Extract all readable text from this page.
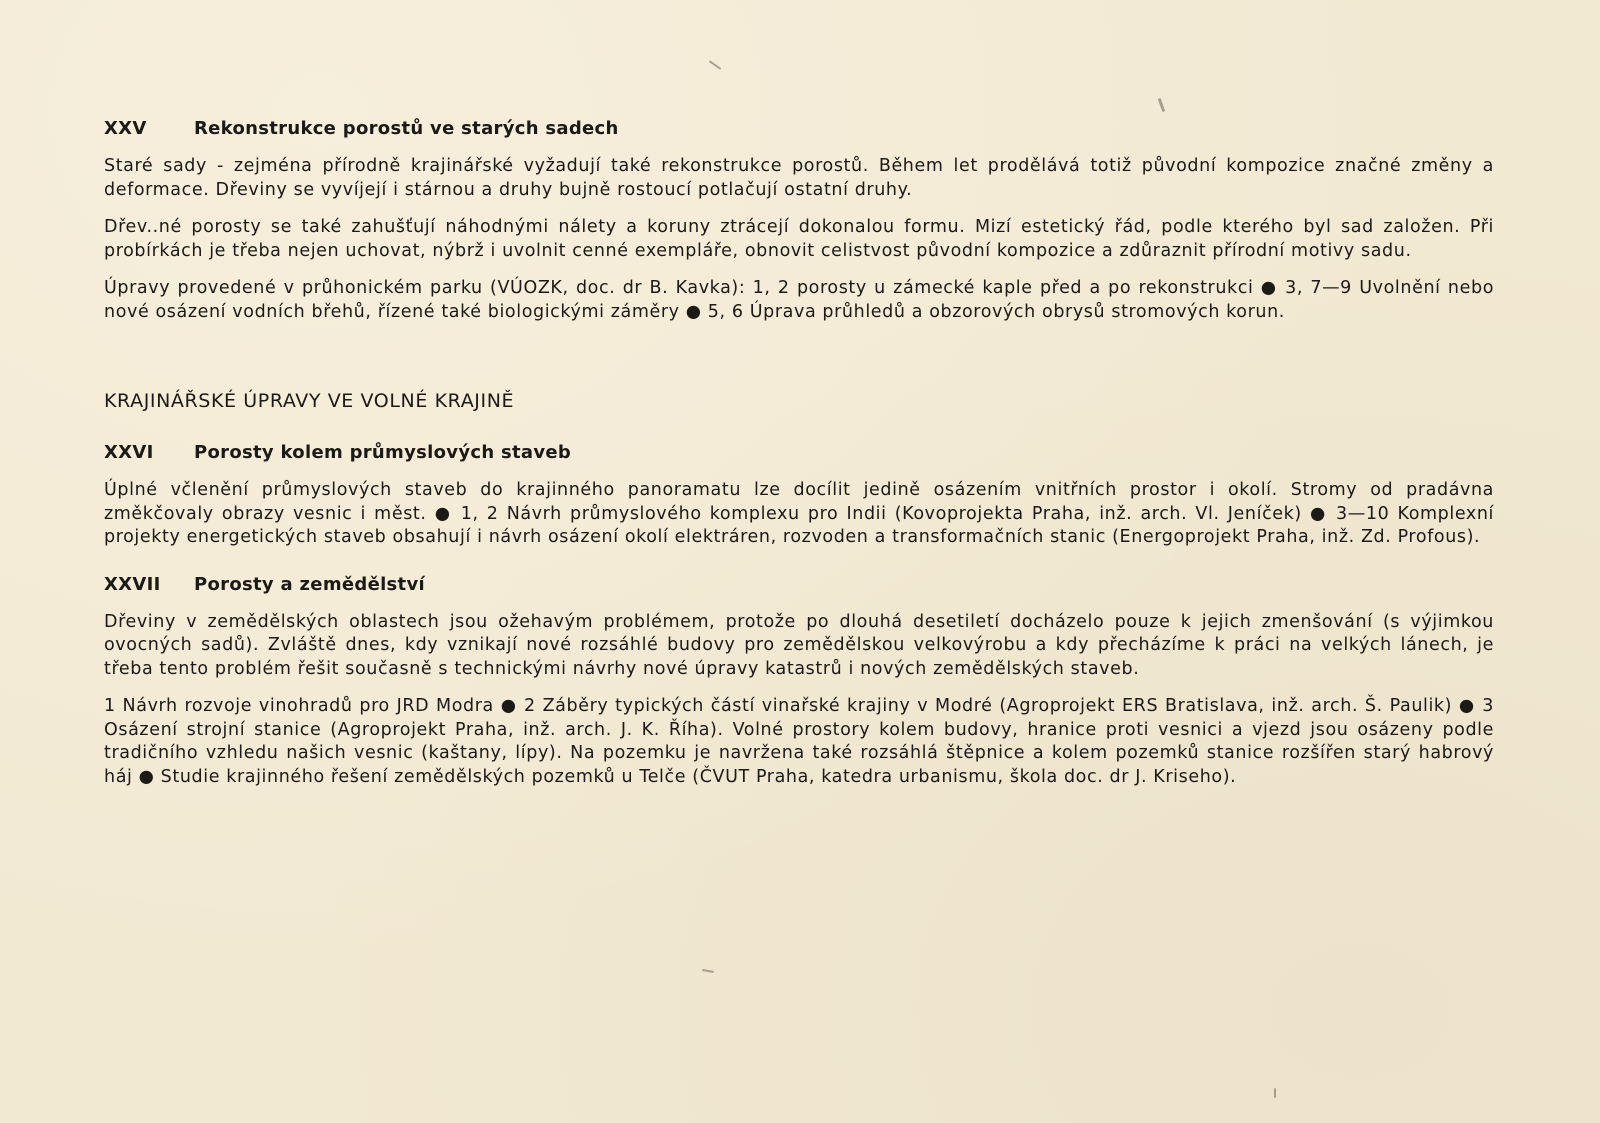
XXV	Rekonstrukce porostů ve starých sadech

Staré sady - zejména přírodně krajinářské vyžadují také rekonstrukce porostů. Během let prodělává totiž původní kompozice značné změny a deformace. Dřeviny se vyvíjejí i stárnou a druhy bujně rostoucí potlačují ostatní druhy.

Dřev..né porosty se také zahušťují náhodnými nálety a koruny ztrácejí dokonalou formu. Mizí estetický řád, podle kterého byl sad založen. Při probírkách je třeba nejen uchovat, nýbrž i uvolnit cenné exempláře, obnovit celistvost původní kompozice a zdůraznit přírodní motivy sadu.

Úpravy provedené v průhonickém parku (VÚOZK, doc. dr B. Kavka): 1, 2 porosty u zámecké kaple před a po rekonstrukci ● 3, 7—9 Uvolnění nebo nové osázení vodních břehů, řízené také biologickými záměry ● 5, 6 Úprava průhledů a obzorových obrysů stromových korun.

KRAJINÁŘSKÉ ÚPRAVY VE VOLNÉ KRAJINĚ
XXVI	Porosty kolem průmyslových staveb

Úplné včlenění průmyslových staveb do krajinného panoramatu lze docílit jedině osázením vnitřních prostor i okolí. Stromy od pradávna změkčovaly obrazy vesnic i měst. ● 1, 2 Návrh průmyslového komplexu pro Indii (Kovoprojekta Praha, inž. arch. Vl. Jeníček) ● 3—10 Komplexní projekty energetických staveb obsahují i návrh osázení okolí elektráren, rozvoden a transformačních stanic (Energoprojekt Praha, inž. Zd. Profous).

XXVII	Porosty a zemědělství

Dřeviny v zemědělských oblastech jsou ožehavým problémem, protože po dlouhá desetiletí docházelo pouze k jejich zmenšování (s výjimkou ovocných sadů). Zvláště dnes, kdy vznikají nové rozsáhlé budovy pro zemědělskou velkovýrobu a kdy přecházíme k práci na velkých lánech, je třeba tento problém řešit současně s technickými návrhy nové úpravy katastrů i nových zemědělských staveb.

1 Návrh rozvoje vinohradů pro JRD Modra ● 2 Záběry typických částí vinařské krajiny v Modré (Agroprojekt ERS Bratislava, inž. arch. Š. Paulik) ● 3 Osázení strojní stanice (Agroprojekt Praha, inž. arch. J. K. Říha). Volné prostory kolem budovy, hranice proti vesnici a vjezd jsou osázeny podle tradičního vzhledu našich vesnic (kaštany, lípy). Na pozemku je navržena také rozsáhlá štěpnice a kolem pozemků stanice rozšířen starý habrový háj ● Studie krajinného řešení zemědělských pozemků u Telče (ČVUT Praha, katedra urbanismu, škola doc. dr J. Kriseho).
